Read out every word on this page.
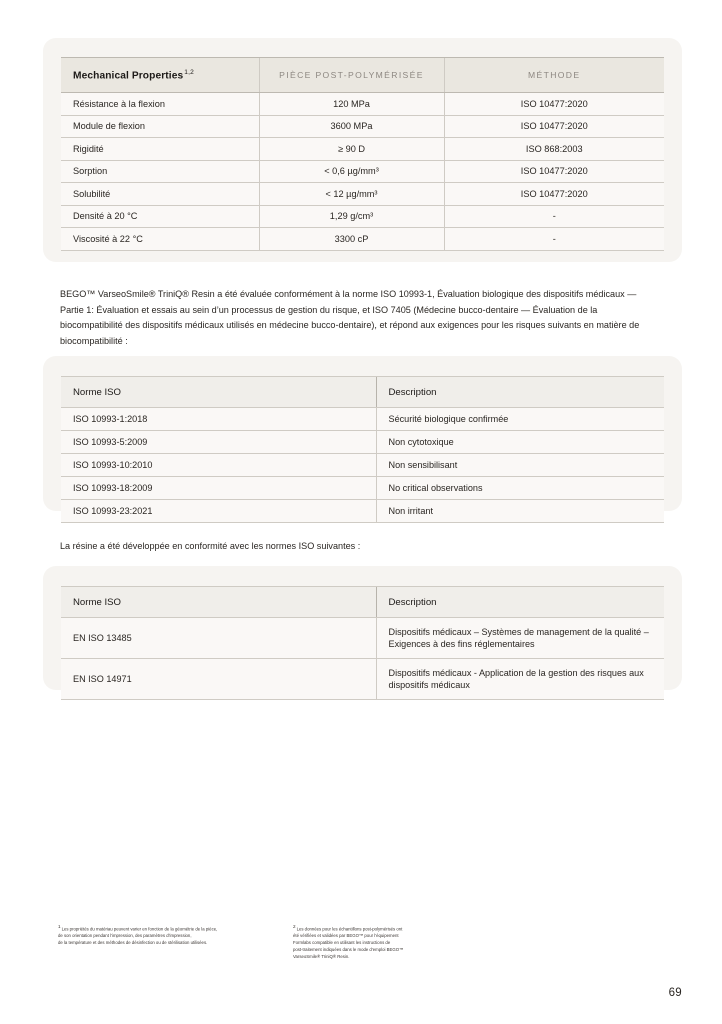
Mechanical Properties$^{1,2}$	PIÈCE POST-POLYMÉRISÉE	MÉTHODE
Résistance à la flexion	120 MPa	ISO 10477:2020
Module de flexion	3600 MPa	ISO 10477:2020
Rigidité	≥ 90 D	ISO 868:2003
Sorption	< 0,6 µg/mm³	ISO 10477:2020
Solubilité	< 12 µg/mm³	ISO 10477:2020
Densité à 20 °C	1,29 g/cm³	-
Viscosité à 22 °C	3300 cP	-

BEGO™ VarseoSmile® TriniQ® Resin a été évaluée conformément à la norme ISO 10993-1, Évaluation biologique des dispositifs médicaux — Partie 1: Évaluation et essais au sein d’un processus de gestion du risque, et ISO 7405 (Médecine bucco-dentaire — Évaluation de la biocompatibilité des dispositifs médicaux utilisés en médecine bucco-dentaire), et répond aux exigences pour les risques suivants en matière de biocompatibilité :

Norme ISO	Description
ISO 10993-1:2018	Sécurité biologique confirmée
ISO 10993-5:2009	Non cytotoxique
ISO 10993-10:2010	Non sensibilisant
ISO 10993-18:2009	No critical observations
ISO 10993-23:2021	Non irritant

La résine a été développée en conformité avec les normes ISO suivantes :

Norme ISO	Description
EN ISO 13485	Dispositifs médicaux – Systèmes de management de la qualité – Exigences à des fins réglementaires
EN ISO 14971	Dispositifs médicaux - Application de la gestion des risques aux dispositifs médicaux
$^1$Les propriétés du matériau peuvent varier en fonction de la géométrie de la pièce,
de son orientation pendant l’impression, des paramètres d’impression,
de la température et des méthodes de désinfection ou de stérilisation utilisées.
$^2$Les données pour les échantillons post-polymérisés ont
été vérifiées et validées par BEGO™ pour l’équipement
Formlabs compatible en utilisant les instructions de
post-traitement indiquées dans le mode d’emploi BEGO™
VarseoSmile® TriniQ® Resin.
69
